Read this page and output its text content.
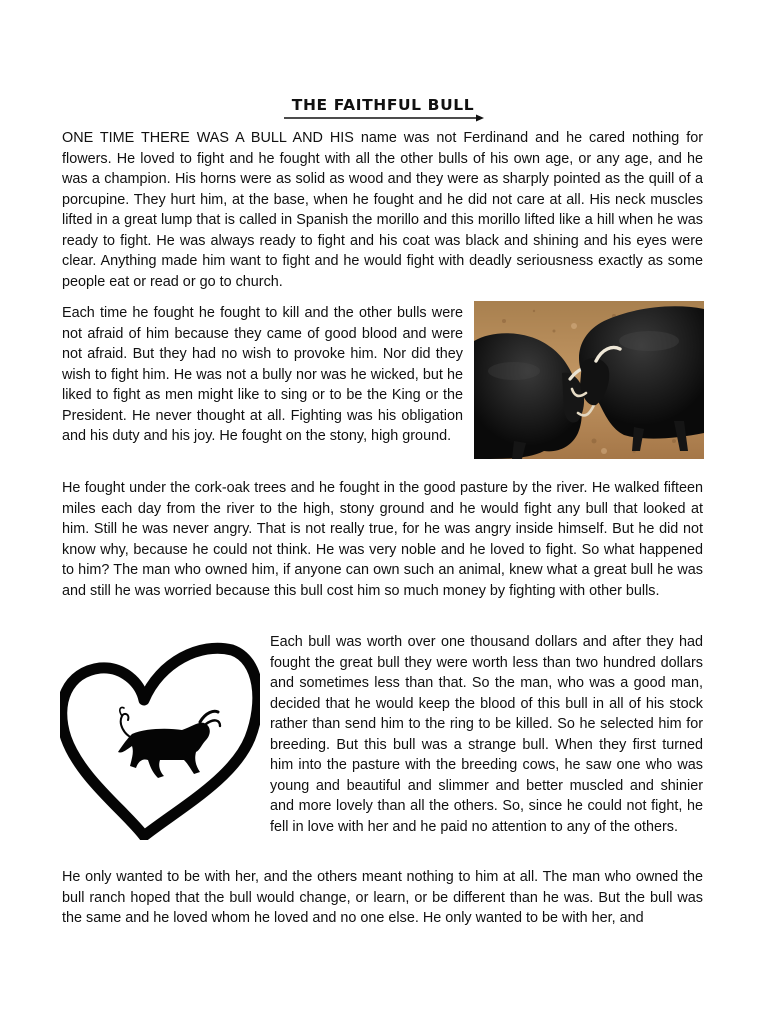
THE FAITHFUL BULL

ONE TIME THERE WAS A BULL AND HIS name was not Ferdinand and he cared nothing for flowers. He loved to fight and he fought with all the other bulls of his own age, or any age, and he was a champion. His horns were as solid as wood and they were as sharply pointed as the quill of a porcupine. They hurt him, at the base, when he fought and he did not care at all. His neck muscles lifted in a great lump that is called in Spanish the morillo and this morillo lifted like a hill when he was ready to fight. He was always ready to fight and his coat was black and shining and his eyes were clear. Anything made him want to fight and he would fight with deadly seriousness exactly as some people eat or read or go to church.

Each time he fought he fought to kill and the other bulls were not afraid of him because they came of good blood and were not afraid. But they had no wish to provoke him. Nor did they wish to fight him. He was not a bully nor was he wicked, but he liked to fight as men might like to sing or to be the King or the President. He never thought at all. Fighting was his obligation and his duty and his joy. He fought on the stony, high ground.

He fought under the cork-oak trees and he fought in the good pasture by the river. He walked fifteen miles each day from the river to the high, stony ground and he would fight any bull that looked at him. Still he was never angry. That is not really true, for he was angry inside himself. But he did not know why, because he could not think. He was very noble and he loved to fight. So what happened to him? The man who owned him, if anyone can own such an animal, knew what a great bull he was and still he was worried because this bull cost him so much money by fighting with other bulls.

Each bull was worth over one thousand dollars and after they had fought the great bull they were worth less than two hundred dollars and sometimes less than that. So the man, who was a good man, decided that he would keep the blood of this bull in all of his stock rather than send him to the ring to be killed. So he selected him for breeding. But this bull was a strange bull. When they first turned him into the pasture with the breeding cows, he saw one who was young and beautiful and slimmer and better muscled and shinier and more lovely than all the others. So, since he could not fight, he fell in love with her and he paid no attention to any of the others.

He only wanted to be with her, and the others meant nothing to him at all. The man who owned the bull ranch hoped that the bull would change, or learn, or be different than he was. But the bull was the same and he loved whom he loved and no one else. He only wanted to be with her, and
